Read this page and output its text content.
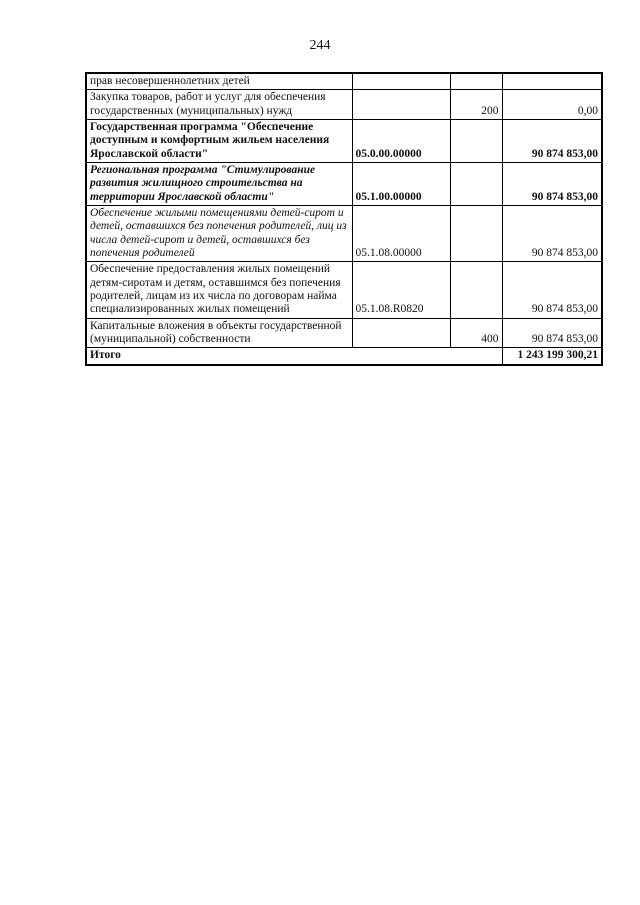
244
прав несовершеннолетних детей			
Закупка товаров, работ и услуг для обеспечения государственных (муниципальных) нужд		200	0,00
Государственная программа "Обеспечение доступным и комфортным жильем населения Ярославской области"	05.0.00.00000		90 874 853,00
Региональная программа "Стимулирование развития жилищного строительства на территории Ярославской области"	05.1.00.00000		90 874 853,00
Обеспечение жилыми помещениями детей-сирот и детей, оставшихся без попечения родителей, лиц из числа детей-сирот и детей, оставшихся без попечения родителей	05.1.08.00000		90 874 853,00
Обеспечение предоставления жилых помещений детям-сиротам и детям, оставшимся без попечения родителей, лицам из их числа по договорам найма специализированных жилых помещений	05.1.08.R0820		90 874 853,00
Капитальные вложения в объекты государственной (муниципальной) собственности		400	90 874 853,00
Итого			1 243 199 300,21
